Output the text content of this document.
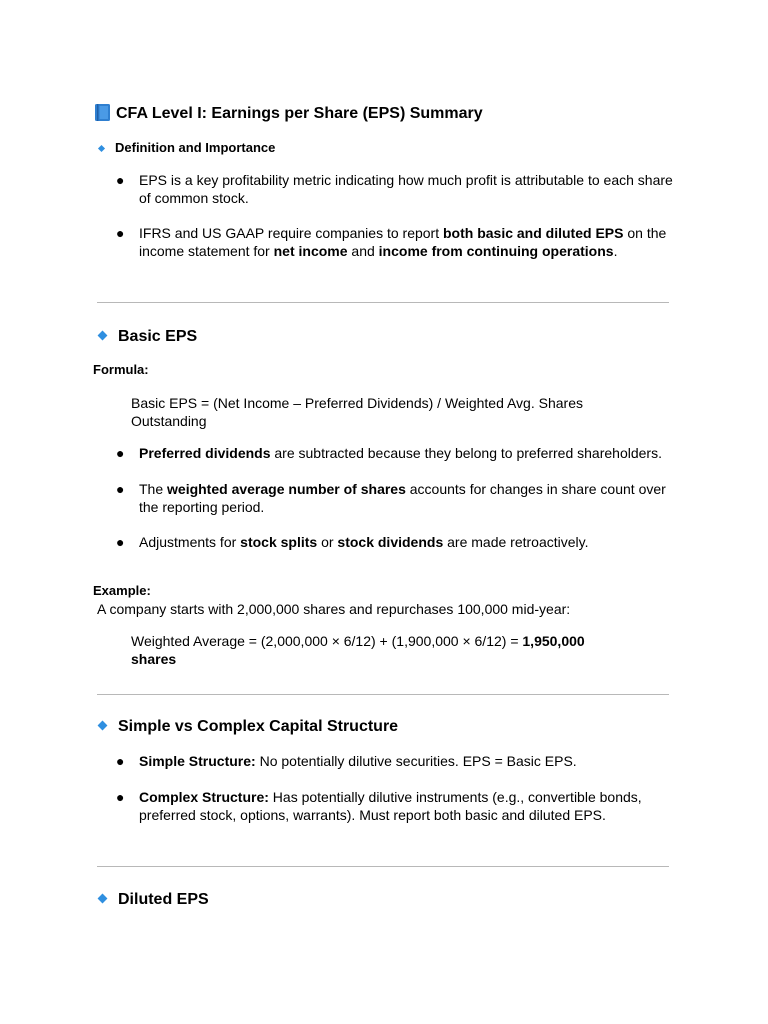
CFA Level I: Earnings per Share (EPS) Summary
Definition and Importance
● EPS is a key profitability metric indicating how much profit is attributable to each share of common stock.
● IFRS and US GAAP require companies to report both basic and diluted EPS on the income statement for net income and income from continuing operations.
Basic EPS
Formula:
Basic EPS = (Net Income – Preferred Dividends) / Weighted Avg. Shares Outstanding
● Preferred dividends are subtracted because they belong to preferred shareholders.
● The weighted average number of shares accounts for changes in share count over the reporting period.
● Adjustments for stock splits or stock dividends are made retroactively.
Example:
A company starts with 2,000,000 shares and repurchases 100,000 mid-year:
Weighted Average = (2,000,000 × 6/12) + (1,900,000 × 6/12) = 1,950,000 shares
Simple vs Complex Capital Structure
● Simple Structure: No potentially dilutive securities. EPS = Basic EPS.
● Complex Structure: Has potentially dilutive instruments (e.g., convertible bonds, preferred stock, options, warrants). Must report both basic and diluted EPS.
Diluted EPS
